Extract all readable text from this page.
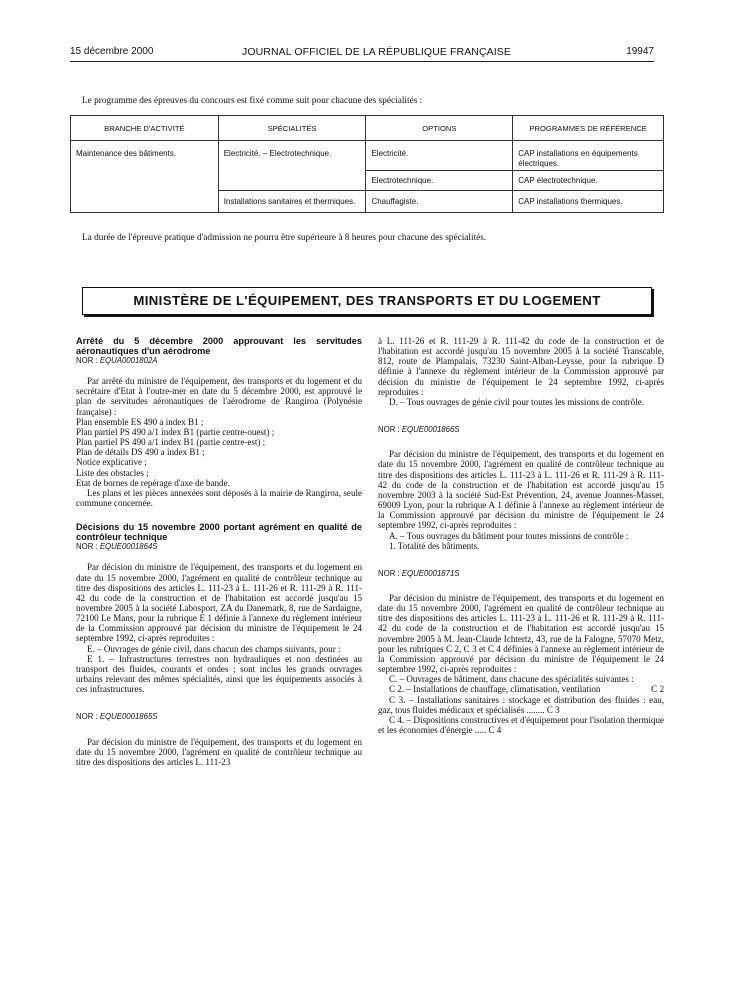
15 décembre 2000	JOURNAL OFFICIEL DE LA RÉPUBLIQUE FRANÇAISE	19947
Le programme des épreuves du concours est fixé comme suit pour chacune des spécialités :
BRANCHE D'ACTIVITÉ	SPÉCIALITÉS	OPTIONS	PROGRAMMES DE RÉFÉRENCE
Maintenance des bâtiments.	Electricité. – Electrotechnique.	Electricité.	CAP installations en équipements électriques.
		Electrotechnique.	CAP électrotechnique.
	Installations sanitaires et thermiques.	Chauffagiste.	CAP installations thermiques.
La durée de l'épreuve pratique d'admission ne pourra être supérieure à 8 heures pour chacune des spécialités.
MINISTÈRE DE L'ÉQUIPEMENT, DES TRANSPORTS ET DU LOGEMENT

Arrêté du 5 décembre 2000 approuvant les servitudes aéronautiques d'un aérodrome

NOR : EQUA0001802A

Par arrêté du ministre de l'équipement, des transports et du logement et du secrétaire d'Etat à l'outre-mer en date du 5 décembre 2000, est approuvé le plan de servitudes aéronautiques de l'aérodrome de Rangiroa (Polynésie française) :

Plan ensemble ES 490 a index B1 ;

Plan partiel PS 490 a/1 index B1 (partie centre-ouest) ;

Plan partiel PS 490 a/1 index B1 (partie centre-est) ;

Plan de détails DS 490 a index B1 ;

Notice explicative ;

Liste des obstacles ;

Etat de bornes de repérage d'axe de bande.

Les plans et les pièces annexées sont déposés à la mairie de Rangiroa, seule commune concernée.

Décisions du 15 novembre 2000 portant agrément en qualité de contrôleur technique

NOR : EQUE0001864S

Par décision du ministre de l'équipement, des transports et du logement en date du 15 novembre 2000, l'agrément en qualité de contrôleur technique au titre des dispositions des articles L. 111-23 à L. 111-26 et R. 111-29 à R. 111-42 du code de la construction et de l'habitation est accordé jusqu'au 15 novembre 2005 à la société Labosport, ZA du Danemark, 8, rue de Sardaigne, 72100 Le Mans, pour la rubrique E 1 définie à l'annexe du règlement intérieur de la Commission approuvé par décision du ministre de l'équipement le 24 septembre 1992, ci-après reproduites :

E. – Ouvrages de génie civil, dans chacun des champs suivants, pour :

E 1. – Infrastructures terrestres non hydrauliques et non destinées au transport des fluides, courants et ondes ; sont inclus les grands ouvrages urbains relevant des mêmes spécialités, ainsi que les équipements associés à ces infrastructures.

NOR : EQUE0001865S

Par décision du ministre de l'équipement, des transports et du logement en date du 15 novembre 2000, l'agrément en qualité de contrôleur technique au titre des dispositions des articles L. 111-23

à L. 111-26 et R. 111-29 à R. 111-42 du code de la construction et de l'habitation est accordé jusqu'au 15 novembre 2005 à la société Transcable, 812, route de Plampalais, 73230 Saint-Alban-Leysse, pour la rubrique D définie à l'annexe du règlement intérieur de la Commission approuvé par décision du ministre de l'équipement le 24 septembre 1992, ci-après reproduites :

D. – Tous ouvrages de génie civil pour toutes les missions de contrôle.

NOR : EQUE0001866S

Par décision du ministre de l'équipement, des transports et du logement en date du 15 novembre 2000, l'agrément en qualité de contrôleur technique au titre des dispositions des articles L. 111-23 à L. 111-26 et R. 111-29 à R. 111-42 du code de la construction et de l'habitation est accordé jusqu'au 15 novembre 2003 à la société Sud-Est Prévention, 24, avenue Joannes-Masset, 69009 Lyon, pour la rubrique A 1 définie à l'annexe au règlement intérieur de la Commission approuvé par décision du ministre de l'équipement le 24 septembre 1992, ci-après reproduites :

A. – Tous ouvrages du bâtiment pour toutes missions de contrôle :

1. Totalité des bâtiments.

NOR : EQUE0001871S

Par décision du ministre de l'équipement, des transports et du logement en date du 15 novembre 2000, l'agrément en qualité de contrôleur technique au titre des dispositions des articles L. 111-23 à L. 111-26 et R. 111-29 à R. 111-42 du code de la construction et de l'habitation est accordé jusqu'au 15 novembre 2005 à M. Jean-Claude Ichtertz, 43, rue de la Falogne, 57070 Metz, pour les rubriques C 2, C 3 et C 4 définies à l'annexe au règlement intérieur de la Commission approuvé par décision du ministre de l'équipement le 24 septembre 1992, ci-après reproduites :

C. – Ouvrages de bâtiment, dans chacune des spécialités suivantes :

C 2. – Installations de chauffage, climatisation, ventilation	C 2

C 3. – Installations sanitaires : stockage et distribution des fluides : eau, gaz, tous fluides médicaux et spécialisés ........ C 3

C 4. – Dispositions constructives et d'équipement pour l'isolation thermique et les économies d'énergie ..... C 4
